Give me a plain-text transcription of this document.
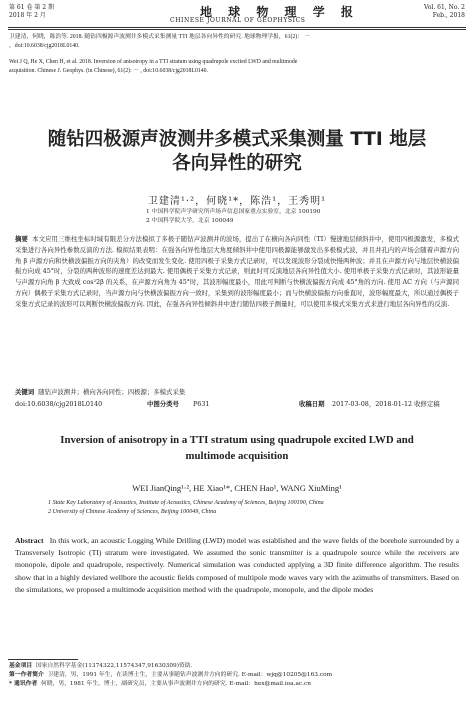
第 61 卷 第 2 期
2018 年 2 月	地 球 物 理 学 报
CHINESE JOURNAL OF GEOPHYSICS
Vol. 61, No. 2
Feb., 2018
卫建清，何晓，陈浩等. 2018. 随钻四极源声波测井多模式采集测量 TTI 地层各向异性的研究. 地球物理学报，61(2)： －
，doi:10.6038/cjg2018L0140.
Wei J Q, He X, Chen H, et al. 2018. Inversion of anisotropy in a TTI stratum using quadrupole excited LWD and multimode
acquisition. Chinese J. Geophys. (in Chinese), 61(2): － , doi:10.6038/cjg2018L0140.
随钻四极源声波测井多模式采集测量 TTI 地层
各向异性的研究
卫建清¹·²，何晓¹*，陈浩¹，王秀明¹
1 中国科学院声学研究所声场声信息国家重点实验室，北京 100190
2 中国科学院大学，北京 100049
摘要 本文应用三维柱坐标时域有限差分方法模拟了多极子随钻声波测井的波场，提出了在横向各向同性（TI）慢速地层倾斜井中，使用四极源激发，多模式采集进行各向异性参数反演的方法. 模拟结果表明：在强各向异性地层大角度倾斜井中使用四极源能够激发出多极模式波，并且井孔内的声场会随着声源方向角 β 声源方向和快横波偏振方向的夹角）的改变而发生变化. 使用四极子采集方式记录时，可以发现波形分裂成快慢两种波；并且在声源方向与地层快横波偏振方向成 45°时，分裂的两种波形的速度差达到最大. 使用偶极子采集方式记录，则此时可反演地层各向异性值大小. 使用单极子采集方式记录时，其波形能量与声源方向角 β 大致成 cos²2β 的关系，在声源方向角为 45°时，其波形幅度最小，用此可判断与快横波偏振方向成 45°角的方向. 使用 AC 方向（与声源同方向）偶极子采集方式记录时，当声源方向与快横波偏振方向一致时，采集到的波形幅度最小；而与快横波偏振方向垂直时，波形幅度最大，所以通过偶极子采集方式记录的波形可以判断快横波偏振方向. 因此，在强各向异性倾斜井中进行随钻四极子测量时，可以使用多模式采集方式来进行地层各向异性的反演.
关键词 随钻声波测井；横向各向同性；四极源；多模式采集
doi:10.6038/cjg2018L0140	中图分类号 P631	收稿日期 2017-03-08，2018-01-12 收修定稿
Inversion of anisotropy in a TTI stratum using quadrupole excited LWD and
multimode acquisition
WEI JianQing¹·², HE Xiao¹*, CHEN Hao¹, WANG XiuMing¹
1 State Key Laboratory of Acoustics, Institute of Acoustics, Chinese Academy of Sciences, Beijing 100190, China
2 University of Chinese Academy of Sciences, Beijing 100049, China
Abstract In this work, an acoustic Logging While Drilling (LWD) model was established and the wave fields of the borehole surrounded by a Transversely Isotropic (TI) stratum were investigated. We assumed the sonic transmitter is a quadrupole source while the receivers are monopole, dipole and quadrupole, respectively. Numerical simulation was conducted applying a 3D finite difference algorithm. The results show that in a highly deviated wellbore the acoustic fields composed of multipole mode waves vary with the azimuths of transmitters. Based on the simulations, we proposed a multimode acquisition method with the quadrupole, monopole, and the dipole modes
基金项目 国家自然科学基金(11374322,11574347,91630309)资助.
第一作者简介 卫建清，男，1991 年生，在读博士生，主要从事随钻声波测井方向的研究. E-mail：wjq@10205@163.com
* 通讯作者 何晓，男，1981 年生，博士，副研究员，主要从事声波测井方向的研究. E-mail：hex@mail.ioa.ac.cn
